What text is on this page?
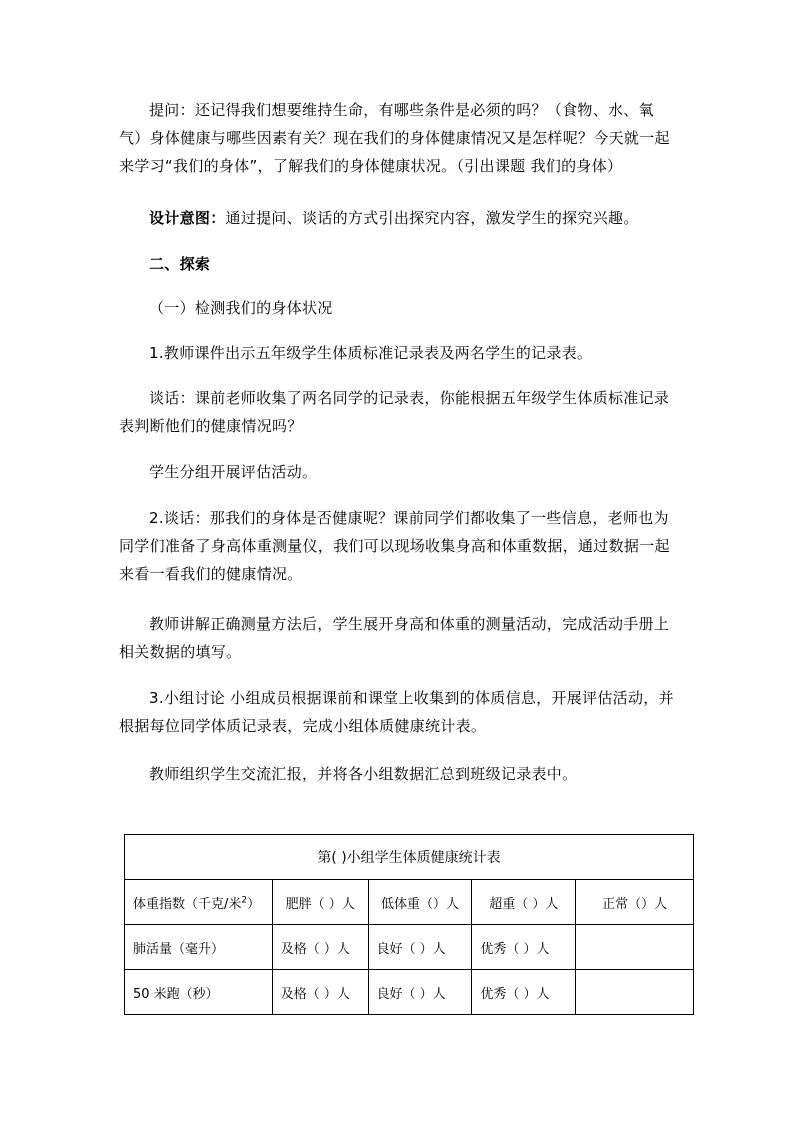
提问：还记得我们想要维持生命，有哪些条件是必须的吗？（食物、水、氧气）身体健康与哪些因素有关？现在我们的身体健康情况又是怎样呢？今天就一起来学习“我们的身体”，了解我们的身体健康状况。（引出课题 我们的身体）

设计意图：通过提问、谈话的方式引出探究内容，激发学生的探究兴趣。

二、探索

（一）检测我们的身体状况

1.教师课件出示五年级学生体质标准记录表及两名学生的记录表。

谈话：课前老师收集了两名同学的记录表，你能根据五年级学生体质标准记录表判断他们的健康情况吗？

学生分组开展评估活动。

2.谈话：那我们的身体是否健康呢？课前同学们都收集了一些信息，老师也为同学们准备了身高体重测量仪，我们可以现场收集身高和体重数据，通过数据一起来看一看我们的健康情况。

教师讲解正确测量方法后，学生展开身高和体重的测量活动，完成活动手册上相关数据的填写。

3.小组讨论 小组成员根据课前和课堂上收集到的体质信息，开展评估活动，并根据每位同学体质记录表，完成小组体质健康统计表。

教师组织学生交流汇报，并将各小组数据汇总到班级记录表中。

第( )小组学生体质健康统计表				
体重指数（千克/米$^2$）	肥胖（ ）人	低体重（）人	超重（ ）人	正常（）人
肺活量（毫升）	及格（ ）人	良好（ ）人	优秀（ ）人	
50 米跑（秒）	及格（ ）人	良好（ ）人	优秀（ ）人	
